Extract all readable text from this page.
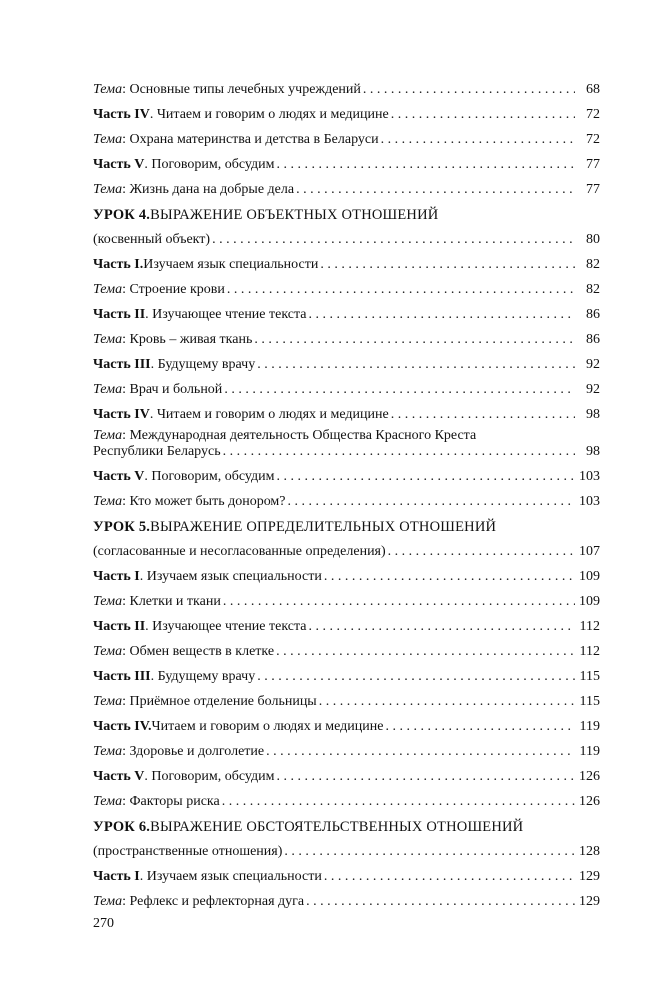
Тема : Основные типы лечебных учреждений . . .	68
Часть IV . Читаем и говорим о людях и медицине . . .	72
Тема : Охрана материнства и детства в Беларуси . . .	72
Часть V . Поговорим, обсудим . . .	77
Тема : Жизнь дана на добрые дела . . .	77
УРОК 4. ВЫРАЖЕНИЕ ОБЪЕКТНЫХ ОТНОШЕНИЙ
(косвенный объект) . . .	80
Часть I. Изучаем язык специальности . . .	82
Тема : Строение крови . . .	82
Часть II . Изучающее чтение текста . . .	86
Тема : Кровь – живая ткань . . .	86
Часть III . Будущему врачу . . .	92
Тема : Врач и больной . . .	92
Часть IV . Читаем и говорим о людях и медицине . . .	98
Тема : Международная деятельность Общества Красного Креста
Республики Беларусь . . .	98
Часть V . Поговорим, обсудим . . .	103
Тема : Кто может быть донором? . . .	103
УРОК 5. ВЫРАЖЕНИЕ ОПРЕДЕЛИТЕЛЬНЫХ ОТНОШЕНИЙ
(согласованные и несогласованные определения) . . .	107
Часть I . Изучаем язык специальности . . .	109
Тема : Клетки и ткани . . .	109
Часть II . Изучающее чтение текста . . .	112
Тема : Обмен веществ в клетке . . .	112
Часть III . Будущему врачу . . .	115
Тема : Приёмное отделение больницы . . .	115
Часть IV. Читаем и говорим о людях и медицине . . .	119
Тема : Здоровье и долголетие . . .	119
Часть V . Поговорим, обсудим . . .	126
Тема : Факторы риска . . .	126
УРОК 6. ВЫРАЖЕНИЕ ОБСТОЯТЕЛЬСТВЕННЫХ ОТНОШЕНИЙ
(пространственные отношения) . . .	128
Часть I . Изучаем язык специальности . . .	129
Тема : Рефлекс и рефлекторная дуга . . .	129
270
